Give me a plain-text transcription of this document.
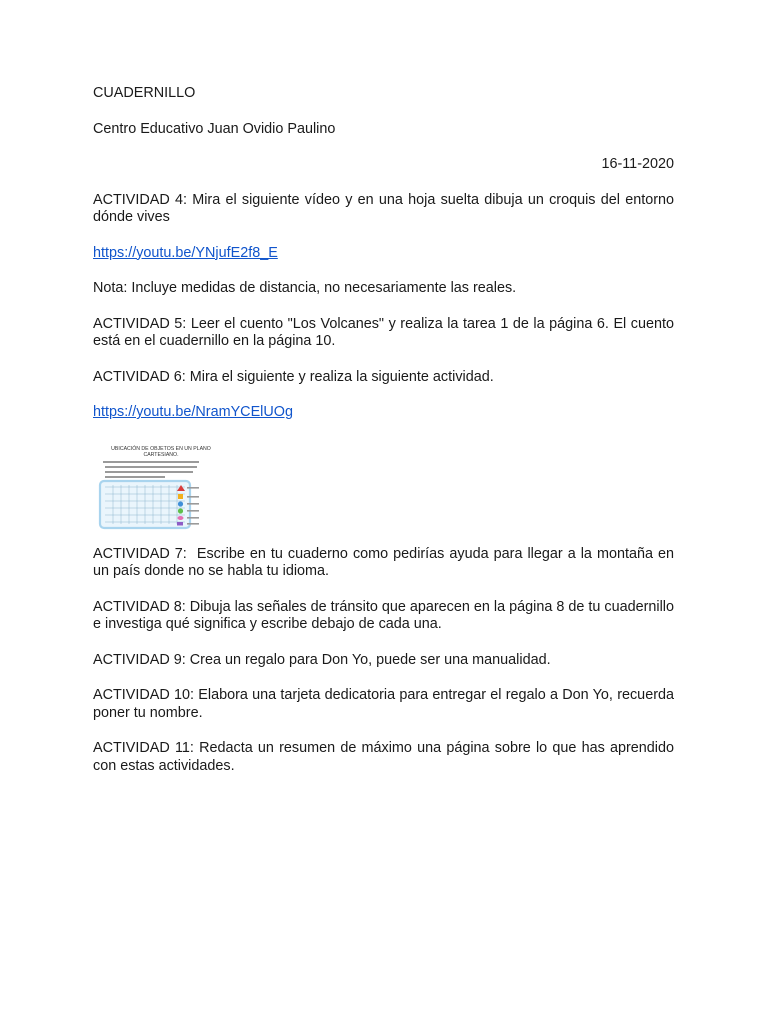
CUADERNILLO

Centro Educativo Juan Ovidio Paulino

16-11-2020

ACTIVIDAD 4: Mira el siguiente vídeo y en una hoja suelta dibuja un croquis del entorno dónde vives

https://youtu.be/YNjufE2f8_E

Nota: Incluye medidas de distancia, no necesariamente las reales.

ACTIVIDAD 5: Leer el cuento "Los Volcanes" y realiza la tarea 1 de la página 6. El cuento está en el cuadernillo en la página 10.

ACTIVIDAD 6: Mira el siguiente y realiza la siguiente actividad.

https://youtu.be/NramYCElUOg

UBICACIÓN DE OBJETOS EN UN PLANO
CARTESIANO.

ACTIVIDAD 7:  Escribe en tu cuaderno como pedirías ayuda para llegar a la montaña en un país donde no se habla tu idioma.

ACTIVIDAD 8: Dibuja las señales de tránsito que aparecen en la página 8 de tu cuadernillo e investiga qué significa y escribe debajo de cada una.

ACTIVIDAD 9: Crea un regalo para Don Yo, puede ser una manualidad.

ACTIVIDAD 10: Elabora una tarjeta dedicatoria para entregar el regalo a Don Yo, recuerda poner tu nombre.

ACTIVIDAD 11: Redacta un resumen de máximo una página sobre lo que has aprendido con estas actividades.
